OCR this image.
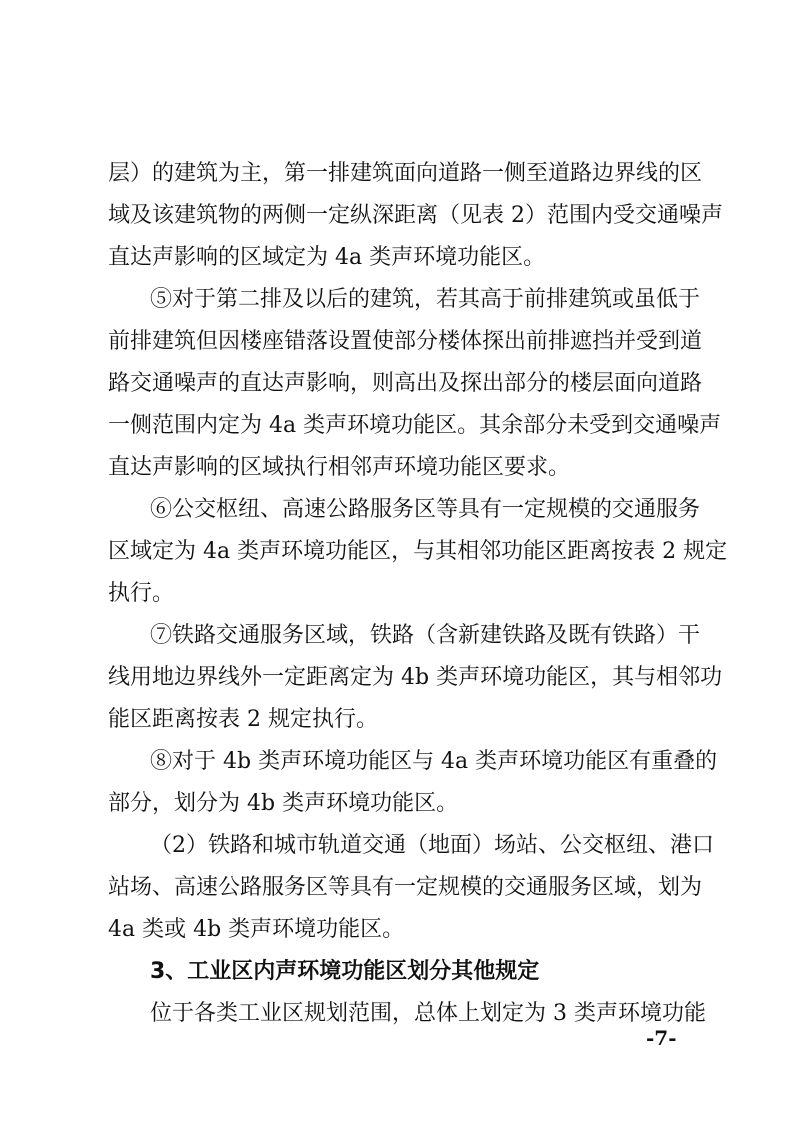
层）的建筑为主，第一排建筑面向道路一侧至道路边界线的区
域及该建筑物的两侧一定纵深距离（见表 2）范围内受交通噪声
直达声影响的区域定为 4a 类声环境功能区。
⑤对于第二排及以后的建筑，若其高于前排建筑或虽低于
前排建筑但因楼座错落设置使部分楼体探出前排遮挡并受到道
路交通噪声的直达声影响，则高出及探出部分的楼层面向道路
一侧范围内定为 4a 类声环境功能区。其余部分未受到交通噪声
直达声影响的区域执行相邻声环境功能区要求。
⑥公交枢纽、高速公路服务区等具有一定规模的交通服务
区域定为 4a 类声环境功能区，与其相邻功能区距离按表 2 规定
执行。
⑦铁路交通服务区域，铁路（含新建铁路及既有铁路）干
线用地边界线外一定距离定为 4b 类声环境功能区，其与相邻功
能区距离按表 2 规定执行。
⑧对于 4b 类声环境功能区与 4a 类声环境功能区有重叠的
部分，划分为 4b 类声环境功能区。
（2）铁路和城市轨道交通（地面）场站、公交枢纽、港口
站场、高速公路服务区等具有一定规模的交通服务区域，划为
4a 类或 4b 类声环境功能区。
3、工业区内声环境功能区划分其他规定
位于各类工业区规划范围，总体上划定为 3 类声环境功能
-7-
